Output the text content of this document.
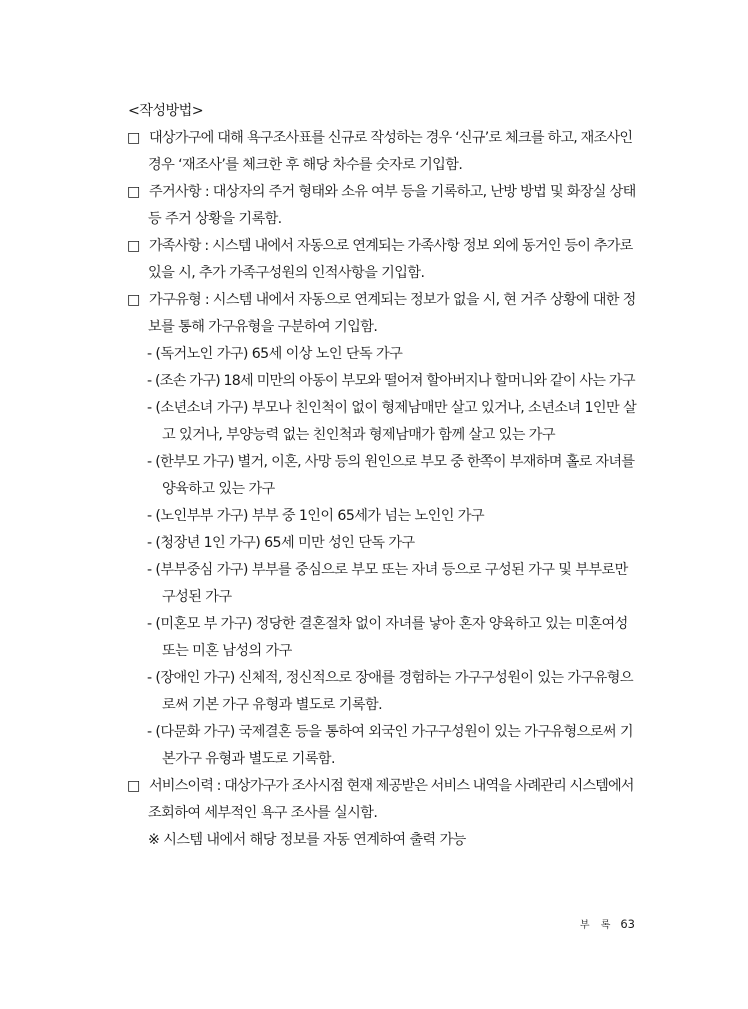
<작성방법>
□ 대상가구에 대해 욕구조사표를 신규로 작성하는 경우 ‘신규’로 체크를 하고, 재조사인
경우 ‘재조사’를 체크한 후 해당 차수를 숫자로 기입함.
□ 주거사항 : 대상자의 주거 형태와 소유 여부 등을 기록하고, 난방 방법 및 화장실 상태
등 주거 상황을 기록함.
□ 가족사항 : 시스템 내에서 자동으로 연계되는 가족사항 정보 외에 동거인 등이 추가로
있을 시, 추가 가족구성원의 인적사항을 기입함.
□ 가구유형 : 시스템 내에서 자동으로 연계되는 정보가 없을 시, 현 거주 상황에 대한 정
보를 통해 가구유형을 구분하여 기입함.
- (독거노인 가구) 65세 이상 노인 단독 가구
- (조손 가구) 18세 미만의 아동이 부모와 떨어져 할아버지나 할머니와 같이 사는 가구
- (소년소녀 가구) 부모나 친인척이 없이 형제남매만 살고 있거나, 소년소녀 1인만 살
고 있거나, 부양능력 없는 친인척과 형제남매가 함께 살고 있는 가구
- (한부모 가구) 별거, 이혼, 사망 등의 원인으로 부모 중 한쪽이 부재하며 홀로 자녀를
양육하고 있는 가구
- (노인부부 가구) 부부 중 1인이 65세가 넘는 노인인 가구
- (청장년 1인 가구) 65세 미만 성인 단독 가구
- (부부중심 가구) 부부를 중심으로 부모 또는 자녀 등으로 구성된 가구 및 부부로만
구성된 가구
- (미혼모 부 가구) 정당한 결혼절차 없이 자녀를 낳아 혼자 양육하고 있는 미혼여성
또는 미혼 남성의 가구
- (장애인 가구) 신체적, 정신적으로 장애를 경험하는 가구구성원이 있는 가구유형으
로써 기본 가구 유형과 별도로 기록함.
- (다문화 가구) 국제결혼 등을 통하여 외국인 가구구성원이 있는 가구유형으로써 기
본가구 유형과 별도로 기록함.
□ 서비스이력 : 대상가구가 조사시점 현재 제공받은 서비스 내역을 사례관리 시스템에서
조회하여 세부적인 욕구 조사를 실시함.
※ 시스템 내에서 해당 정보를 자동 연계하여 출력 가능
부 록 63
